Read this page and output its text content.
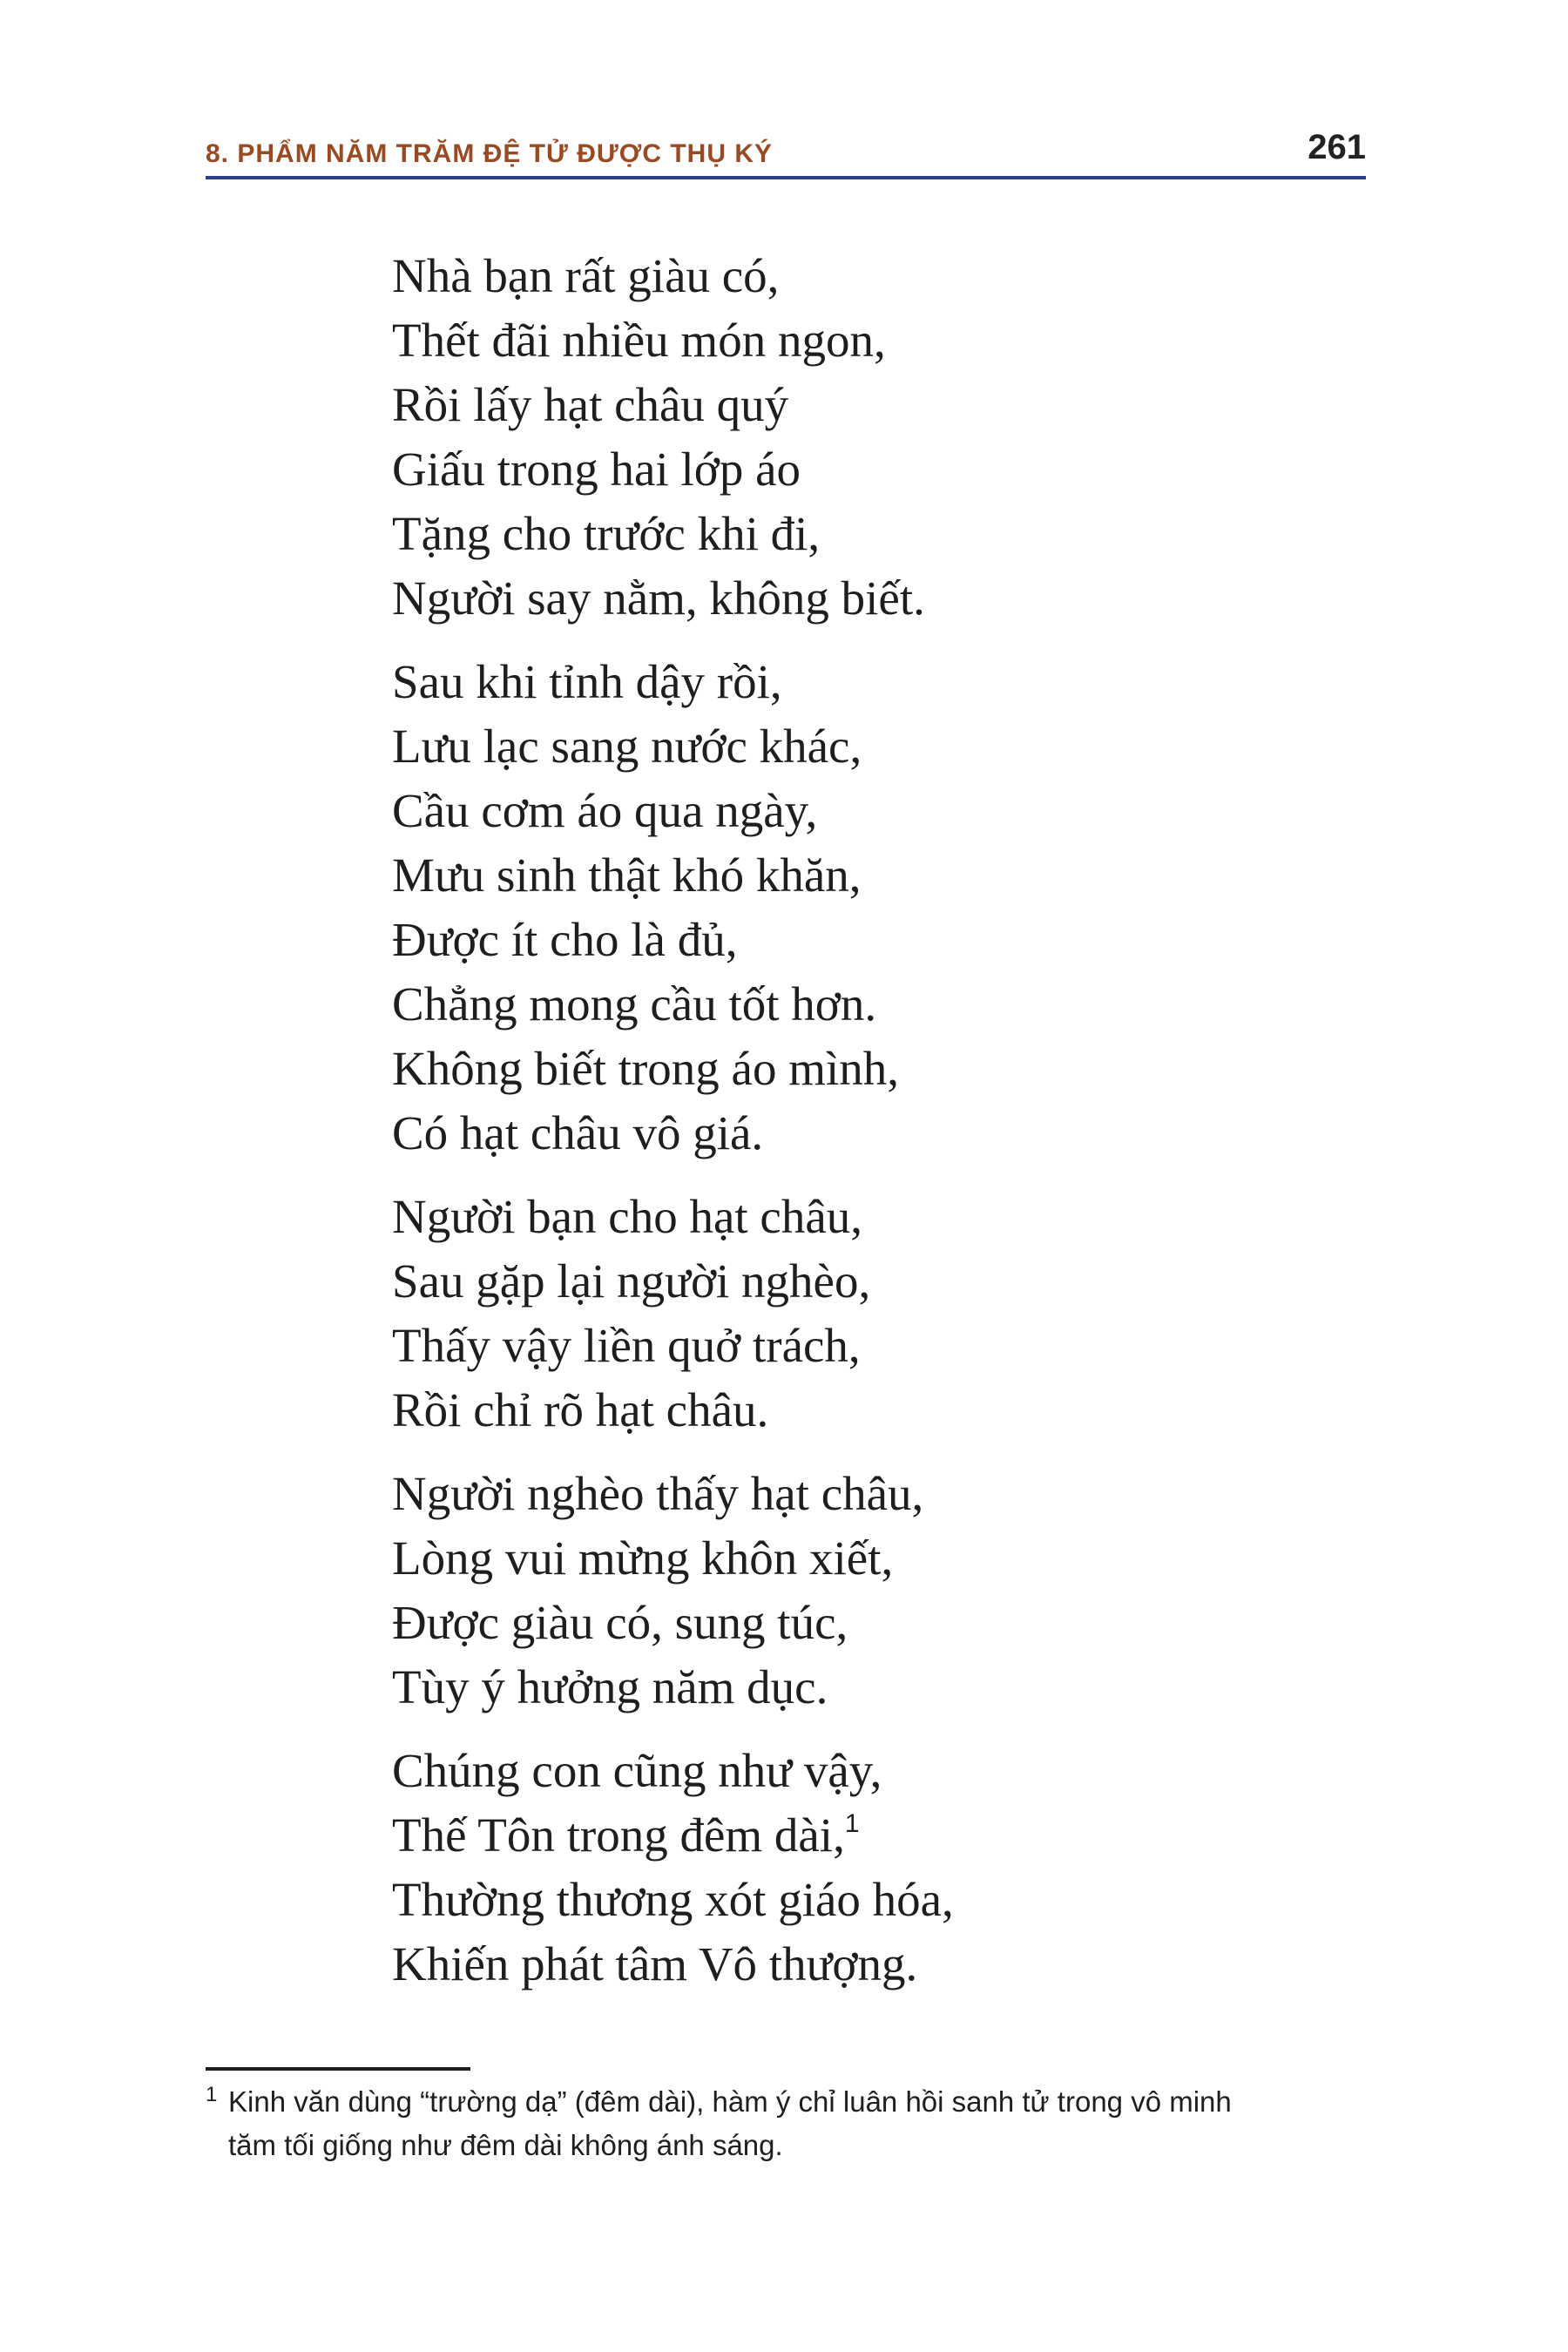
8. PHẨM NĂM TRĂM ĐỆ TỬ ĐƯỢC THỤ KÝ	261
Nhà bạn rất giàu có,
Thết đãi nhiều món ngon,
Rồi lấy hạt châu quý
Giấu trong hai lớp áo
Tặng cho trước khi đi,
Người say nằm, không biết.
Sau khi tỉnh dậy rồi,
Lưu lạc sang nước khác,
Cầu cơm áo qua ngày,
Mưu sinh thật khó khăn,
Được ít cho là đủ,
Chẳng mong cầu tốt hơn.
Không biết trong áo mình,
Có hạt châu vô giá.
Người bạn cho hạt châu,
Sau gặp lại người nghèo,
Thấy vậy liền quở trách,
Rồi chỉ rõ hạt châu.
Người nghèo thấy hạt châu,
Lòng vui mừng khôn xiết,
Được giàu có, sung túc,
Tùy ý hưởng năm dục.
Chúng con cũng như vậy,
Thế Tôn trong đêm dài,$^1$
Thường thương xót giáo hóa,
Khiến phát tâm Vô thượng.
1 Kinh văn dùng “trường dạ” (đêm dài), hàm ý chỉ luân hồi sanh tử trong vô minh
tăm tối giống như đêm dài không ánh sáng.
